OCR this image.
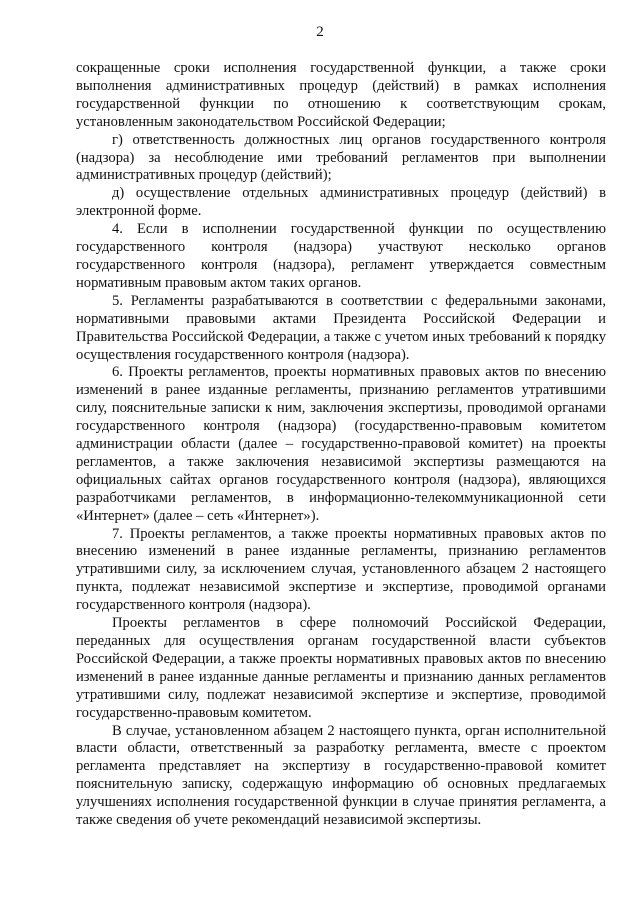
2

сокращенные сроки исполнения государственной функции, а также сроки выполнения административных процедур (действий) в рамках исполнения государственной функции по отношению к соответствующим срокам, установленным законодательством Российской Федерации;

г) ответственность должностных лиц органов государственного контроля (надзора) за несоблюдение ими требований регламентов при выполнении административных процедур (действий);

д) осуществление отдельных административных процедур (действий) в электронной форме.

4. Если в исполнении государственной функции по осуществлению государственного контроля (надзора) участвуют несколько органов государственного контроля (надзора), регламент утверждается совместным нормативным правовым актом таких органов.

5. Регламенты разрабатываются в соответствии с федеральными законами, нормативными правовыми актами Президента Российской Федерации и Правительства Российской Федерации, а также с учетом иных требований к порядку осуществления государственного контроля (надзора).

6. Проекты регламентов, проекты нормативных правовых актов по внесению изменений в ранее изданные регламенты, признанию регламентов утратившими силу, пояснительные записки к ним, заключения экспертизы, проводимой органами государственного контроля (надзора) (государственно-правовым комитетом администрации области (далее – государственно-правовой комитет) на проекты регламентов, а также заключения независимой экспертизы размещаются на официальных сайтах органов государственного контроля (надзора), являющихся разработчиками регламентов, в информационно-телекоммуникационной сети «Интернет» (далее – сеть «Интернет»).

7. Проекты регламентов, а также проекты нормативных правовых актов по внесению изменений в ранее изданные регламенты, признанию регламентов утратившими силу, за исключением случая, установленного абзацем 2 настоящего пункта, подлежат независимой экспертизе и экспертизе, проводимой органами государственного контроля (надзора).

Проекты регламентов в сфере полномочий Российской Федерации, переданных для осуществления органам государственной власти субъектов Российской Федерации, а также проекты нормативных правовых актов по внесению изменений в ранее изданные данные регламенты и признанию данных регламентов утратившими силу, подлежат независимой экспертизе и экспертизе, проводимой государственно-правовым комитетом.

В случае, установленном абзацем 2 настоящего пункта, орган исполнительной власти области, ответственный за разработку регламента, вместе с проектом регламента представляет на экспертизу в государственно-правовой комитет пояснительную записку, содержащую информацию об основных предлагаемых улучшениях исполнения государственной функции в случае принятия регламента, а также сведения об учете рекомендаций независимой экспертизы.
